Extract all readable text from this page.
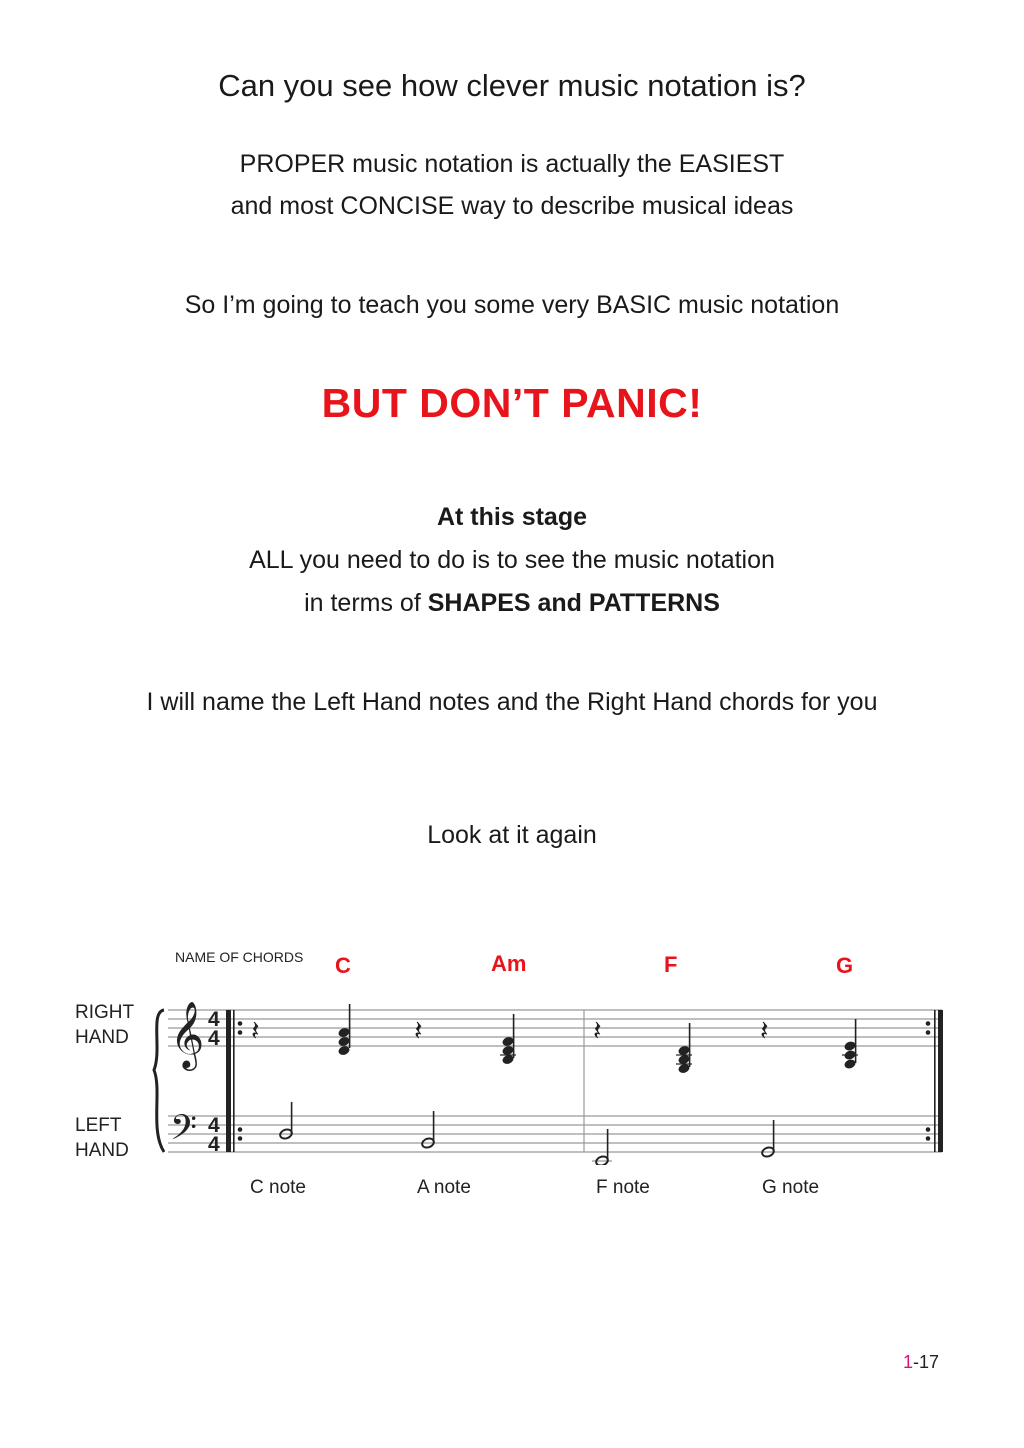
Can you see how clever music notation is?
PROPER music notation is actually the EASIEST
and most CONCISE way to describe musical ideas
So I’m going to teach you some very BASIC music notation
BUT DON’T PANIC!
At this stage
ALL you need to do is to see the music notation
in terms of SHAPES and PATTERNS
I will name the Left Hand notes and the Right Hand chords for you
Look at it again
NAME OF CHORDS C	Am	F	G
RIGHT
HAND
LEFT
HAND
𝄞
𝄢
4
4
4
4
𝄽	𝄽	𝄽	𝄽
C note	A note	F note	G note
1-17
